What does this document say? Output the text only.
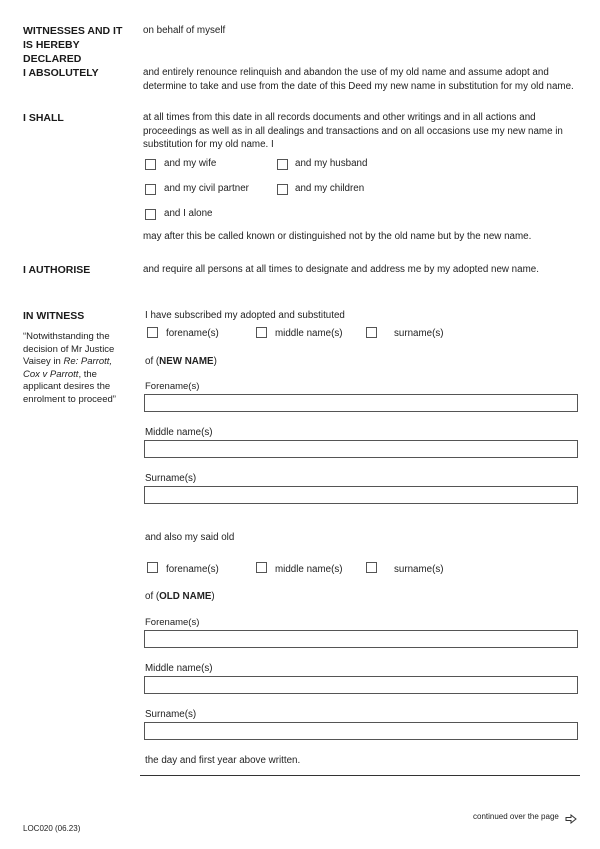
WITNESSES AND IT IS HEREBY DECLARED
on behalf of myself
I ABSOLUTELY	and entirely renounce relinquish and abandon the use of my old name and assume adopt and determine to take and use from the date of this Deed my new name in substitution for my old name.
I SHALL	at all times from this date in all records documents and other writings and in all actions and proceedings as well as in all dealings and transactions and on all occasions use my new name in substitution for my old name. I
and my wife	and my husband
and my civil partner	and my children
and I alone
may after this be called known or distinguished not by the old name but by the new name.
I AUTHORISE	and require all persons at all times to designate and address me by my adopted new name.
IN WITNESS
“Notwithstanding the decision of Mr Justice Vaisey in Re: Parrott, Cox v Parrott, the applicant desires the enrolment to proceed”
I have subscribed my adopted and substituted
forename(s)	middle name(s)	surname(s)
of (NEW NAME)
Forename(s)
Middle name(s)
Surname(s)
and also my said old
forename(s)	middle name(s)	surname(s)
of (OLD NAME)
Forename(s)
Middle name(s)
Surname(s)
the day and first year above written.
continued over the page
LOC020 (06.23)
